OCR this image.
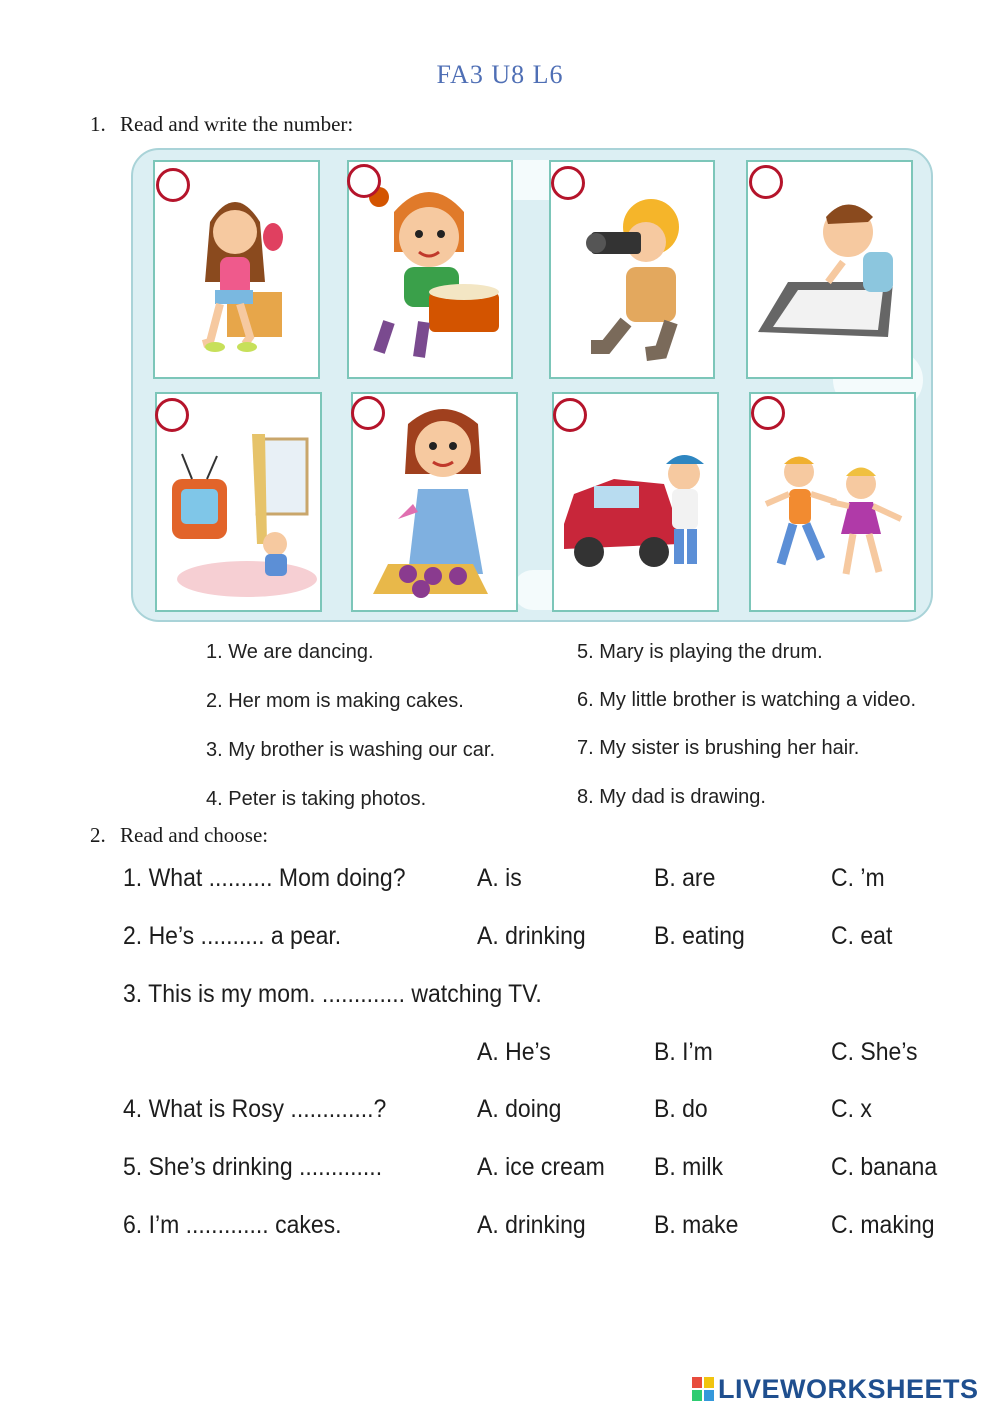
FA3 U8 L6
1. Read and write the number:
1. We are dancing.
2. Her mom is making cakes.
3. My brother is washing our car.
4. Peter is taking photos.
5. Mary is playing the drum.
6. My little brother is watching a video.
7. My sister is brushing her hair.
8. My dad is drawing.
2. Read and choose:
1. What .......... Mom doing?	A. is	B. are	C. ’m
2. He’s .......... a pear.	A. drinking	B. eating	C. eat
3. This is my mom. ............. watching TV.
A. He’s	B. I’m	C. She’s
4. What is Rosy .............?	A. doing	B. do	C. x
5. She’s drinking .............	A. ice cream B. milk	C. banana
6. I’m ............. cakes.	A. drinking	B. make	C. making
LIVEWORKSHEETS
